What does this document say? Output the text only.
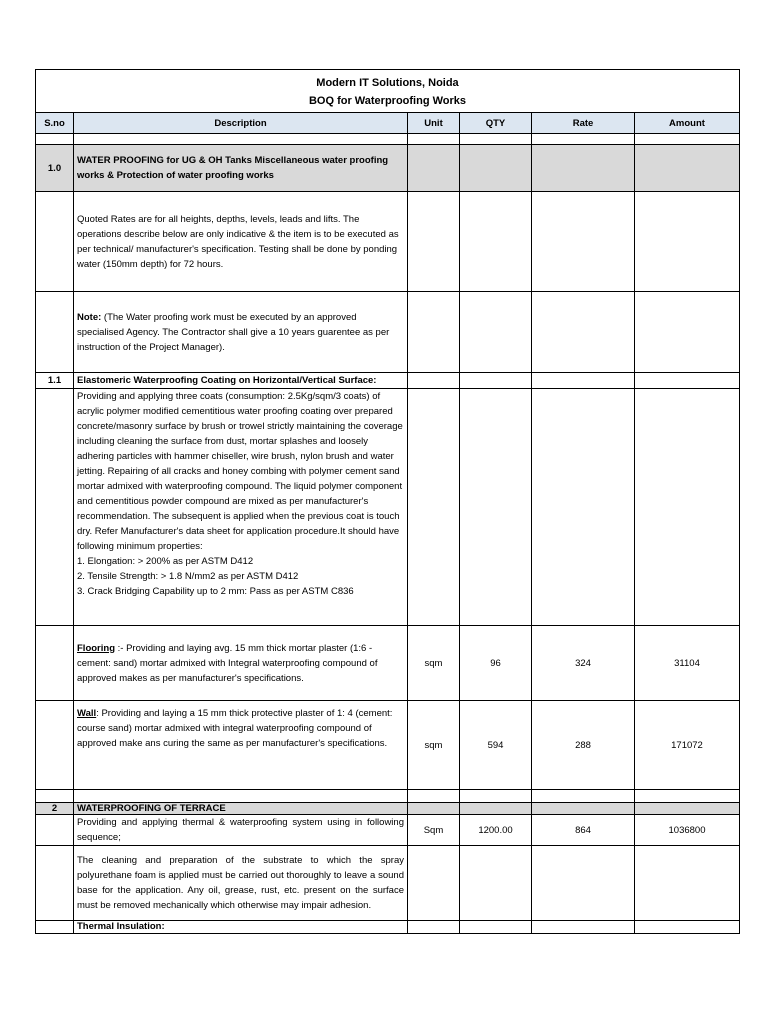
Modern IT Solutions, Noida
BOQ for Waterproofing Works					

S.no	Description	Unit	QTY	Rate	Amount

1.0	WATER PROOFING for UG & OH Tanks Miscellaneous water proofing works & Protection of water proofing works				
	Quoted Rates are for all heights, depths, levels, leads and lifts. The operations describe below are only indicative & the item is to be executed as per technical/ manufacturer's specification. Testing shall be done by ponding water (150mm depth) for 72 hours.				
	Note: (The Water proofing work must be executed by an approved specialised Agency. The Contractor shall give a 10 years guarentee as per instruction of the Project Manager).				
1.1	Elastomeric Waterproofing Coating on Horizontal/Vertical Surface:				

	Providing and applying three coats (consumption: 2.5Kg/sqm/3 coats) of acrylic polymer modified cementitious water proofing coating over prepared concrete/masonry surface by brush or trowel strictly maintaining the coverage including cleaning the surface from dust, mortar splashes and loosely adhering particles with hammer chiseller, wire brush, nylon brush and water jetting. Repairing of all cracks and honey combing with polymer cement sand mortar admixed with waterproofing compound. The liquid polymer component and cementitious powder compound are mixed as per manufacturer's recommendation. The subsequent is applied when the previous coat is touch dry. Refer Manufacturer's data sheet for application procedure.It should have following minimum properties:
1. Elongation: > 200% as per ASTM D412
2. Tensile Strength: > 1.8 N/mm2 as per ASTM D412
3. Crack Bridging Capability up to 2 mm: Pass as per ASTM C836				

	Flooring :- Providing and laying avg. 15 mm thick mortar plaster (1:6 - cement: sand) mortar admixed with Integral waterproofing compound of approved makes as per manufacturer's specifications.	sqm	96	324	31104
	Wall: Providing and laying a 15 mm thick protective plaster of 1: 4 (cement: course sand) mortar admixed with integral waterproofing compound of approved make ans curing the same as per manufacturer's specifications.	sqm	594	288	171072

2	WATERPROOFING OF TERRACE				
	Providing and applying thermal & waterproofing system using in following sequence;	Sqm	1200.00	864	1036800
	The cleaning and preparation of the substrate to which the spray polyurethane foam is applied must be carried out thoroughly to leave a sound base for the application. Any oil, grease, rust, etc. present on the surface must be removed mechanically which otherwise may impair adhesion.				
	Thermal Insulation:				
